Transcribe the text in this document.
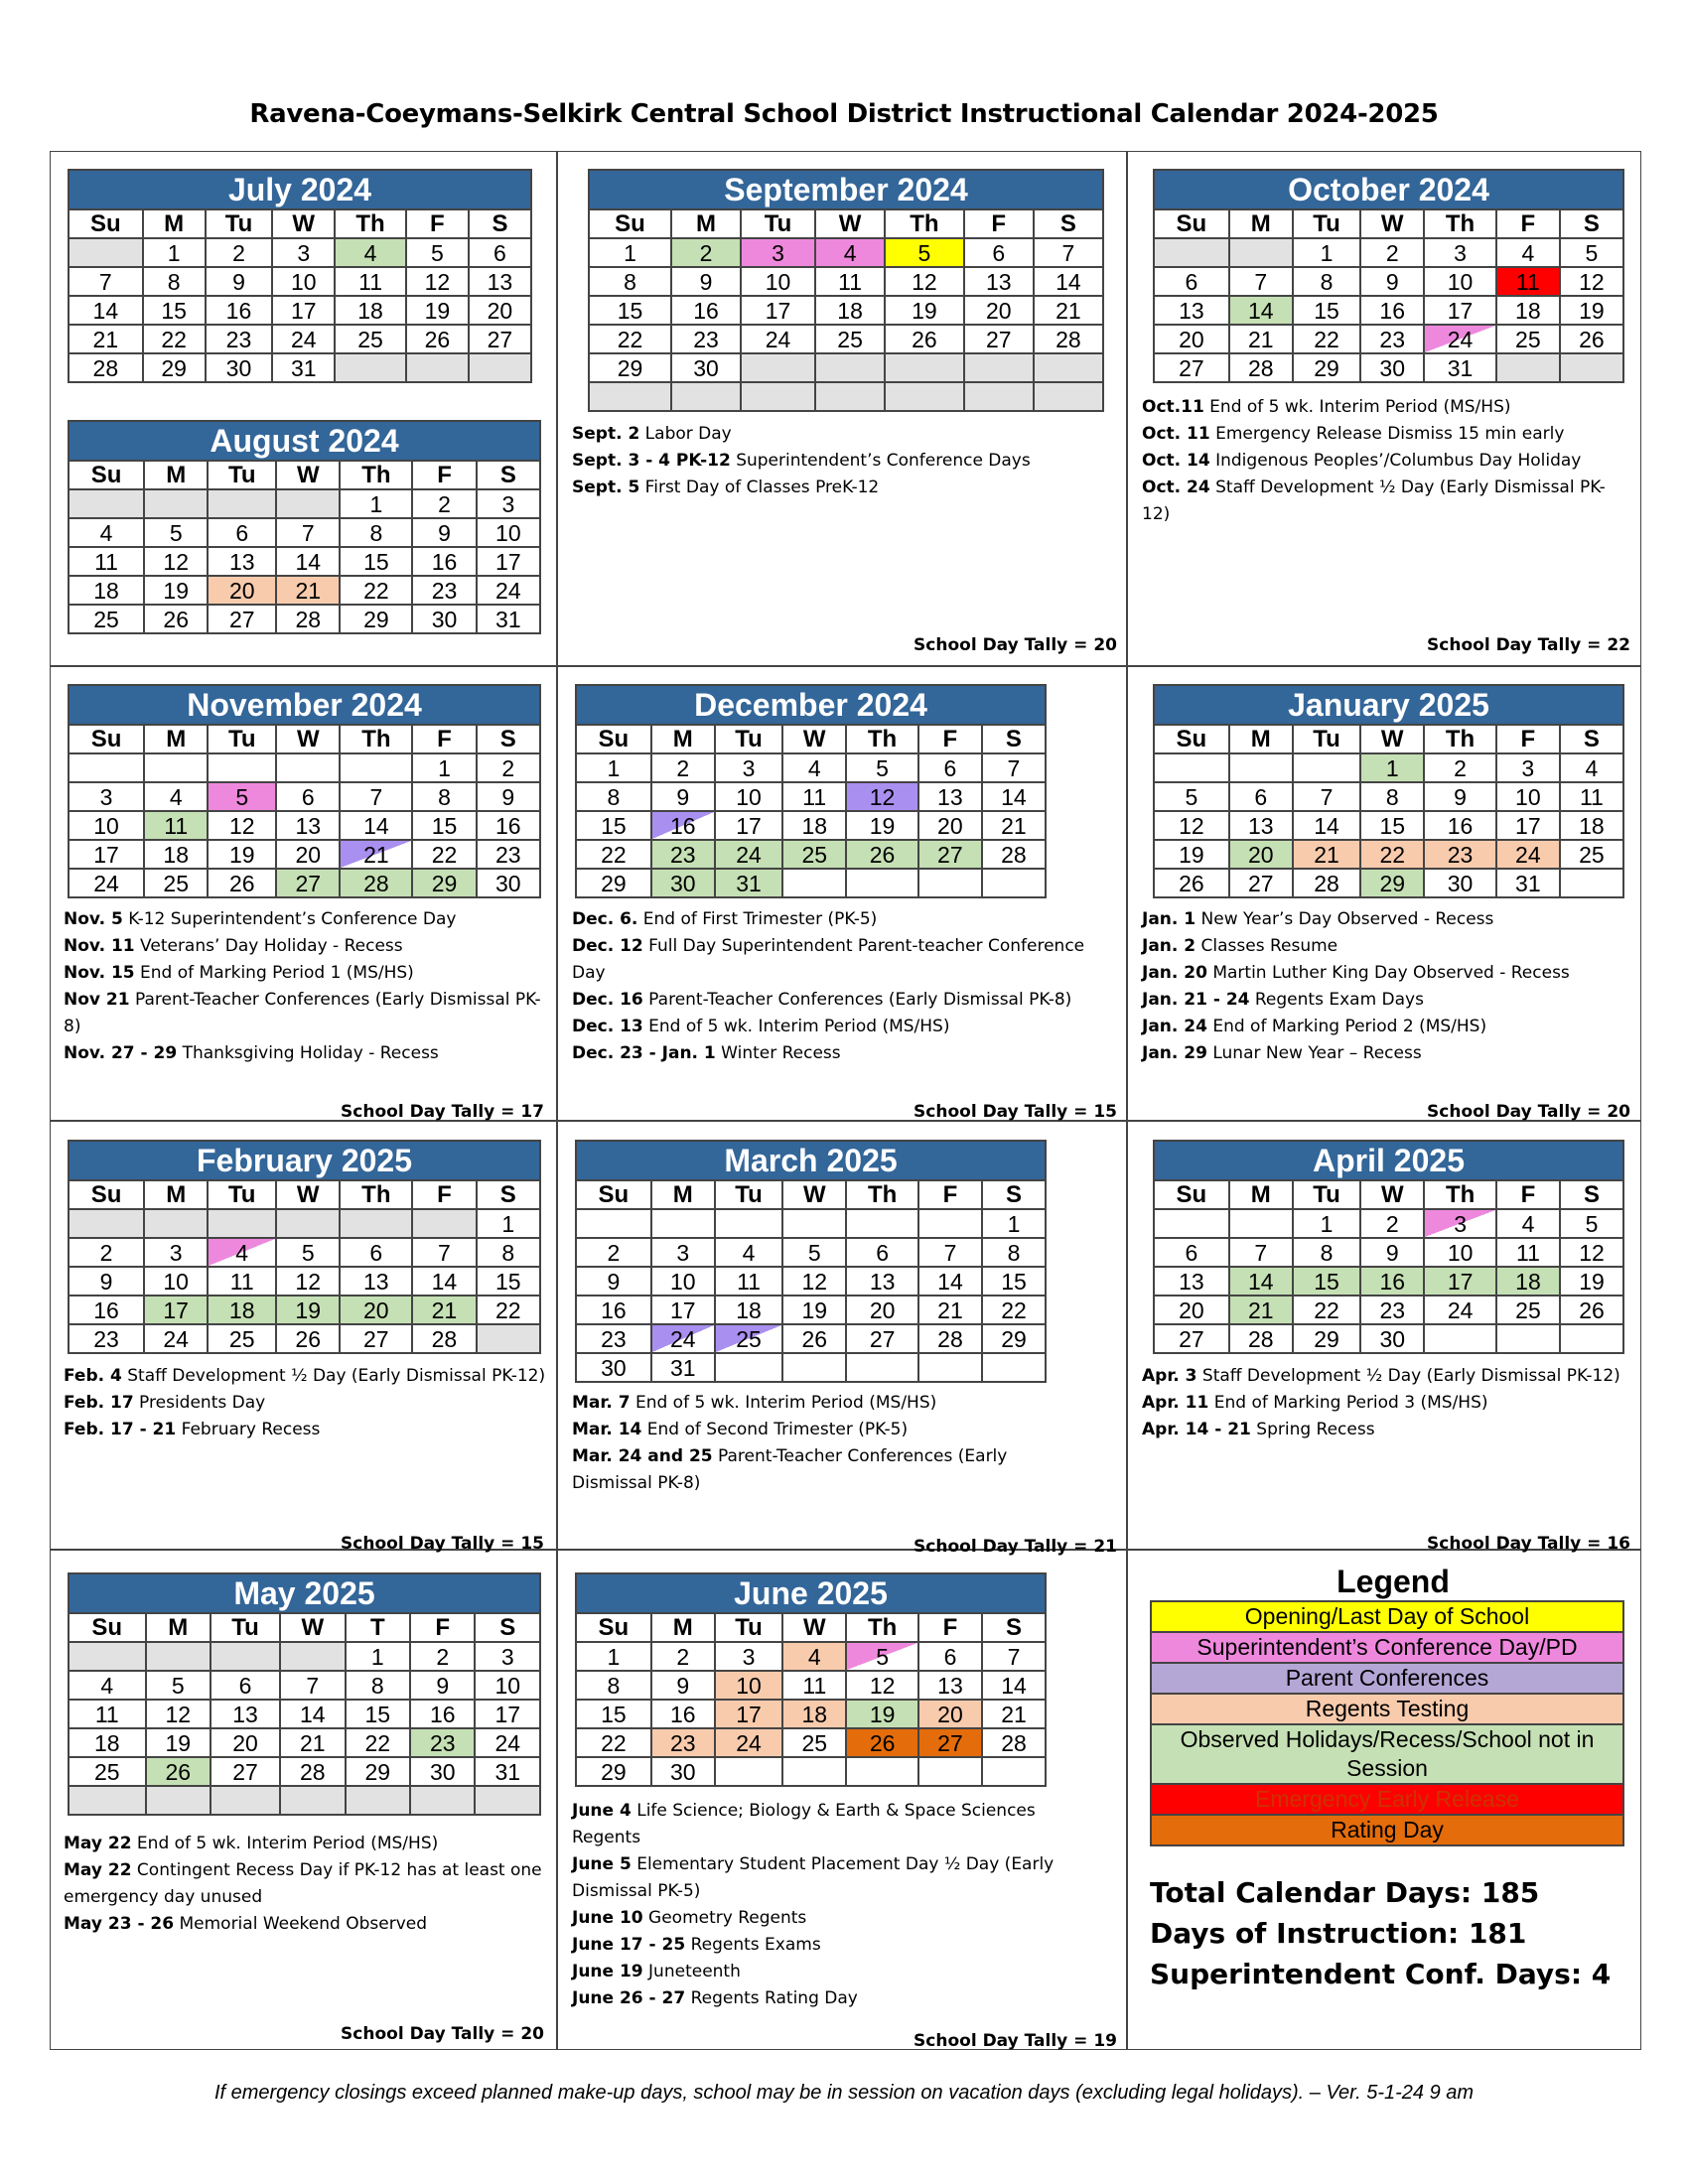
Ravena-Coeymans-Selkirk Central School District Instructional Calendar 2024-2025
July 2024						
Su	M	Tu	W	Th	F	S
	1	2	3	4	5	6
7	8	9	10	11	12	13
14	15	16	17	18	19	20
21	22	23	24	25	26	27
28	29	30	31			
August 2024						
Su	M	Tu	W	Th	F	S
				1	2	3
4	5	6	7	8	9	10
11	12	13	14	15	16	17
18	19	20	21	22	23	24
25	26	27	28	29	30	31
September 2024						
Su	M	Tu	W	Th	F	S
1	2	3	4	5	6	7
8	9	10	11	12	13	14
15	16	17	18	19	20	21
22	23	24	25	26	27	28
29	30					

October 2024						
Su	M	Tu	W	Th	F	S
		1	2	3	4	5
6	7	8	9	10	11	12
13	14	15	16	17	18	19
20	21	22	23	24	25	26
27	28	29	30	31		
November 2024						
Su	M	Tu	W	Th	F	S
					1	2
3	4	5	6	7	8	9
10	11	12	13	14	15	16
17	18	19	20	21	22	23
24	25	26	27	28	29	30
December 2024						
Su	M	Tu	W	Th	F	S
1	2	3	4	5	6	7
8	9	10	11	12	13	14
15	16	17	18	19	20	21
22	23	24	25	26	27	28
29	30	31				
January 2025						
Su	M	Tu	W	Th	F	S
			1	2	3	4
5	6	7	8	9	10	11
12	13	14	15	16	17	18
19	20	21	22	23	24	25
26	27	28	29	30	31	
February 2025						
Su	M	Tu	W	Th	F	S
						1
2	3	4	5	6	7	8
9	10	11	12	13	14	15
16	17	18	19	20	21	22
23	24	25	26	27	28	
March 2025						
Su	M	Tu	W	Th	F	S
						1
2	3	4	5	6	7	8
9	10	11	12	13	14	15
16	17	18	19	20	21	22
23	24	25	26	27	28	29
30	31					
April 2025						
Su	M	Tu	W	Th	F	S
		1	2	3	4	5
6	7	8	9	10	11	12
13	14	15	16	17	18	19
20	21	22	23	24	25	26
27	28	29	30			
May 2025						
Su	M	Tu	W	T	F	S
				1	2	3
4	5	6	7	8	9	10
11	12	13	14	15	16	17
18	19	20	21	22	23	24
25	26	27	28	29	30	31

June 2025						
Su	M	Tu	W	Th	F	S
1	2	3	4	5	6	7
8	9	10	11	12	13	14
15	16	17	18	19	20	21
22	23	24	25	26	27	28
29	30					

Sept. 2 Labor Day

Sept. 3 - 4 PK-12 Superintendent’s Conference Days

Sept. 5 First Day of Classes PreK-12

Oct.11 End of 5 wk. Interim Period (MS/HS)

Oct. 11 Emergency Release Dismiss 15 min early

Oct. 14 Indigenous Peoples’/Columbus Day Holiday

Oct. 24 Staff Development ½ Day (Early Dismissal PK-12)

Nov. 5 K-12 Superintendent’s Conference Day

Nov. 11 Veterans’ Day Holiday - Recess

Nov. 15 End of Marking Period 1 (MS/HS)

Nov 21 Parent-Teacher Conferences (Early Dismissal PK-8)

Nov. 27 - 29 Thanksgiving Holiday - Recess

Dec. 6. End of First Trimester (PK-5)

Dec. 12 Full Day Superintendent Parent-teacher Conference Day

Dec. 16 Parent-Teacher Conferences (Early Dismissal PK-8)

Dec. 13 End of 5 wk. Interim Period (MS/HS)

Dec. 23 - Jan. 1 Winter Recess

Jan. 1 New Year’s Day Observed - Recess

Jan. 2 Classes Resume

Jan. 20 Martin Luther King Day Observed - Recess

Jan. 21 - 24 Regents Exam Days

Jan. 24 End of Marking Period 2 (MS/HS)

Jan. 29 Lunar New Year – Recess

Feb. 4 Staff Development ½ Day (Early Dismissal PK-12)

Feb. 17 Presidents Day

Feb. 17 - 21 February Recess

Mar. 7 End of 5 wk. Interim Period (MS/HS)

Mar. 14 End of Second Trimester (PK-5)

Mar. 24 and 25 Parent-Teacher Conferences (Early Dismissal PK-8)

Apr. 3 Staff Development ½ Day (Early Dismissal PK-12)

Apr. 11 End of Marking Period 3 (MS/HS)

Apr. 14 - 21 Spring Recess

May 22 End of 5 wk. Interim Period (MS/HS)

May 22 Contingent Recess Day if PK-12 has at least one emergency day unused

May 23 - 26 Memorial Weekend Observed

June 4 Life Science; Biology & Earth & Space Sciences Regents

June 5 Elementary Student Placement Day ½ Day (Early Dismissal PK-5)

June 10 Geometry Regents

June 17 - 25 Regents Exams

June 19 Juneteenth

June 26 - 27 Regents Rating Day

School Day Tally = 20	School Day Tally = 22
School Day Tally = 17	School Day Tally = 15	School Day Tally = 20
School Day Tally = 15	School Day Tally = 21	School Day Tally = 16
School Day Tally = 20	School Day Tally = 19
Legend
Opening/Last Day of School
Superintendent’s Conference Day/PD
Parent Conferences
Regents Testing
Observed Holidays/Recess/School not in Session
Emergency Early Release
Rating Day
Total Calendar Days: 185
Days of Instruction: 181
Superintendent Conf. Days: 4
If emergency closings exceed planned make-up days, school may be in session on vacation days (excluding legal holidays). – Ver. 5-1-24 9 am
